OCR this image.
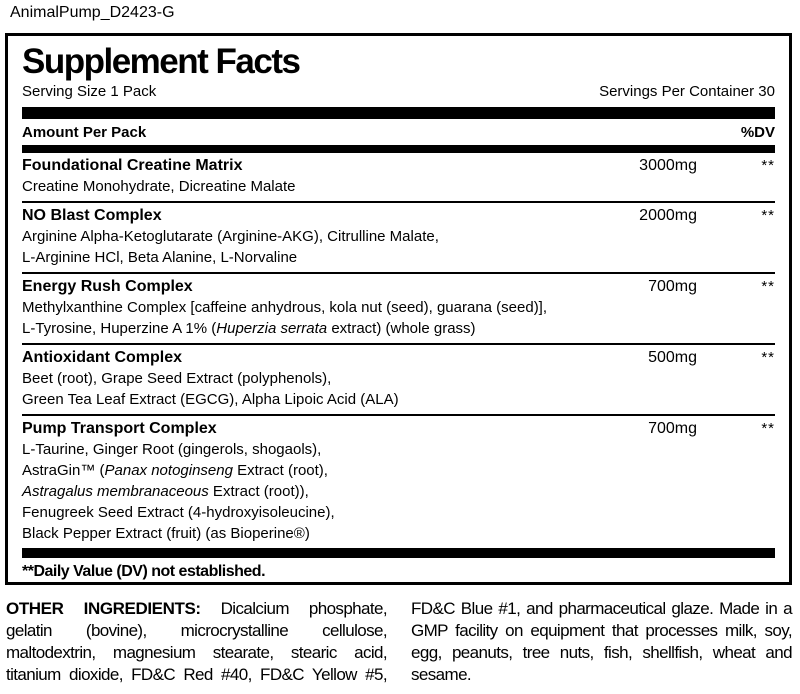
AnimalPump_D2423-G
Supplement Facts
Serving Size 1 Pack	Servings Per Container 30
Amount Per Pack	%DV
Foundational Creatine Matrix	3000mg	**
Creatine Monohydrate, Dicreatine Malate
NO Blast Complex	2000mg	**
Arginine Alpha-Ketoglutarate (Arginine-AKG), Citrulline Malate,
L-Arginine HCl, Beta Alanine, L-Norvaline
Energy Rush Complex	700mg	**
Methylxanthine Complex [caffeine anhydrous, kola nut (seed), guarana (seed)],
L-Tyrosine, Huperzine A 1% (Huperzia serrata extract) (whole grass)
Antioxidant Complex	500mg	**
Beet (root), Grape Seed Extract (polyphenols),
Green Tea Leaf Extract (EGCG), Alpha Lipoic Acid (ALA)
Pump Transport Complex	700mg	**
L-Taurine, Ginger Root (gingerols, shogaols),
AstraGin™ (Panax notoginseng Extract (root),
Astragalus membranaceous Extract (root)),
Fenugreek Seed Extract (4-hydroxyisoleucine),
Black Pepper Extract (fruit) (as Bioperine®)
**Daily Value (DV) not established.
OTHER INGREDIENTS: Dicalcium phosphate,
gelatin (bovine), microcrystalline cellulose,
maltodextrin, magnesium stearate, stearic acid,
titanium dioxide, FD&C Red #40, FD&C Yellow #5,
FD&C Blue #1, and pharmaceutical glaze. Made in a
GMP facility on equipment that processes milk, soy,
egg, peanuts, tree nuts, fish, shellfish, wheat and
sesame.
